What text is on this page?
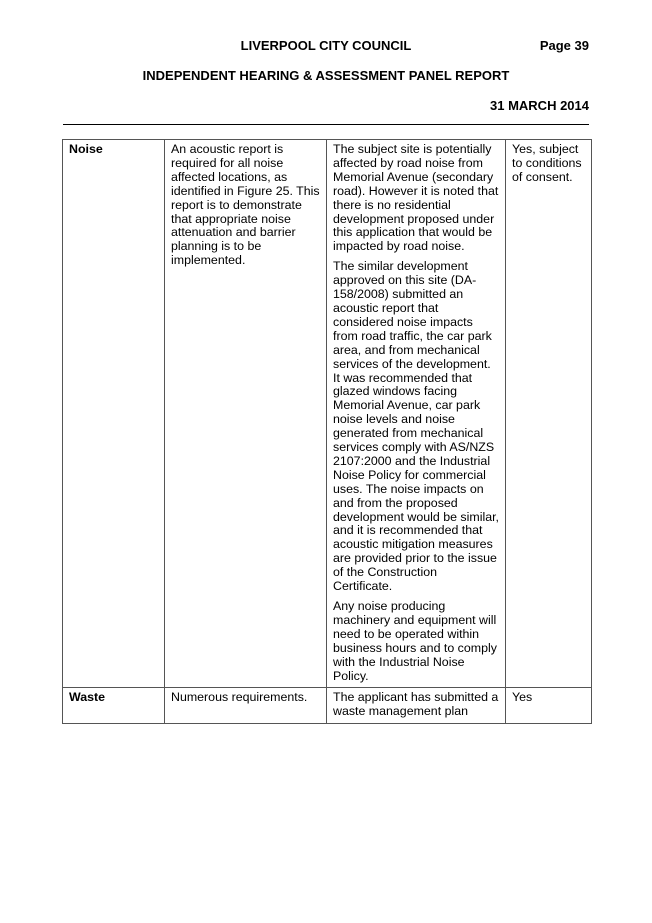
LIVERPOOL CITY COUNCIL	Page 39
INDEPENDENT HEARING & ASSESSMENT PANEL REPORT
31 MARCH 2014
Noise	An acoustic report is required for all noise affected locations, as identified in Figure 25. This report is to demonstrate that appropriate noise attenuation and barrier planning is to be implemented.	The subject site is potentially affected by road noise from Memorial Avenue (secondary road). However it is noted that there is no residential development proposed under this application that would be impacted by road noise.

The similar development approved on this site (DA-158/2008) submitted an acoustic report that considered noise impacts from road traffic, the car park area, and from mechanical services of the development. It was recommended that glazed windows facing Memorial Avenue, car park noise levels and noise generated from mechanical services comply with AS/NZS 2107:2000 and the Industrial Noise Policy for commercial uses. The noise impacts on and from the proposed development would be similar, and it is recommended that acoustic mitigation measures are provided prior to the issue of the Construction Certificate.

Any noise producing machinery and equipment will need to be operated within business hours and to comply with the Industrial Noise Policy.	Yes, subject to conditions of consent.
Waste	Numerous requirements.	The applicant has submitted a waste management plan	Yes
